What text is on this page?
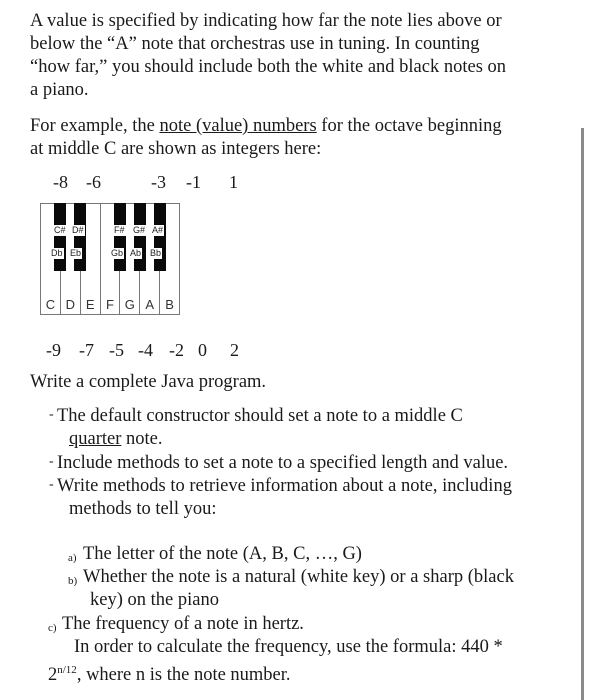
A value is specified by indicating how far the note lies above or
below the “A” note that orchestras use in tuning. In counting
“how far,” you should include both the white and black notes on
a piano.
For example, the note (value) numbers for the octave beginning
at middle C are shown as integers here:
-8 -6	-3 -1 1
C D E F G A B
C# D#	F# G# A#
Db Eb	Gb Ab Bb
-9 -7 -5 -4 -2 0 2
Write a complete Java program.
- The default constructor should set a note to a middle C
quarter note.
- Include methods to set a note to a specified length and value.
- Write methods to retrieve information about a note, including
methods to tell you:
a) The letter of the note (A, B, C, …, G)
b) Whether the note is a natural (white key) or a sharp (black
key) on the piano
c) The frequency of a note in hertz.
In order to calculate the frequency, use the formula: 440 *
$2^{n/12}$, where n is the note number.
